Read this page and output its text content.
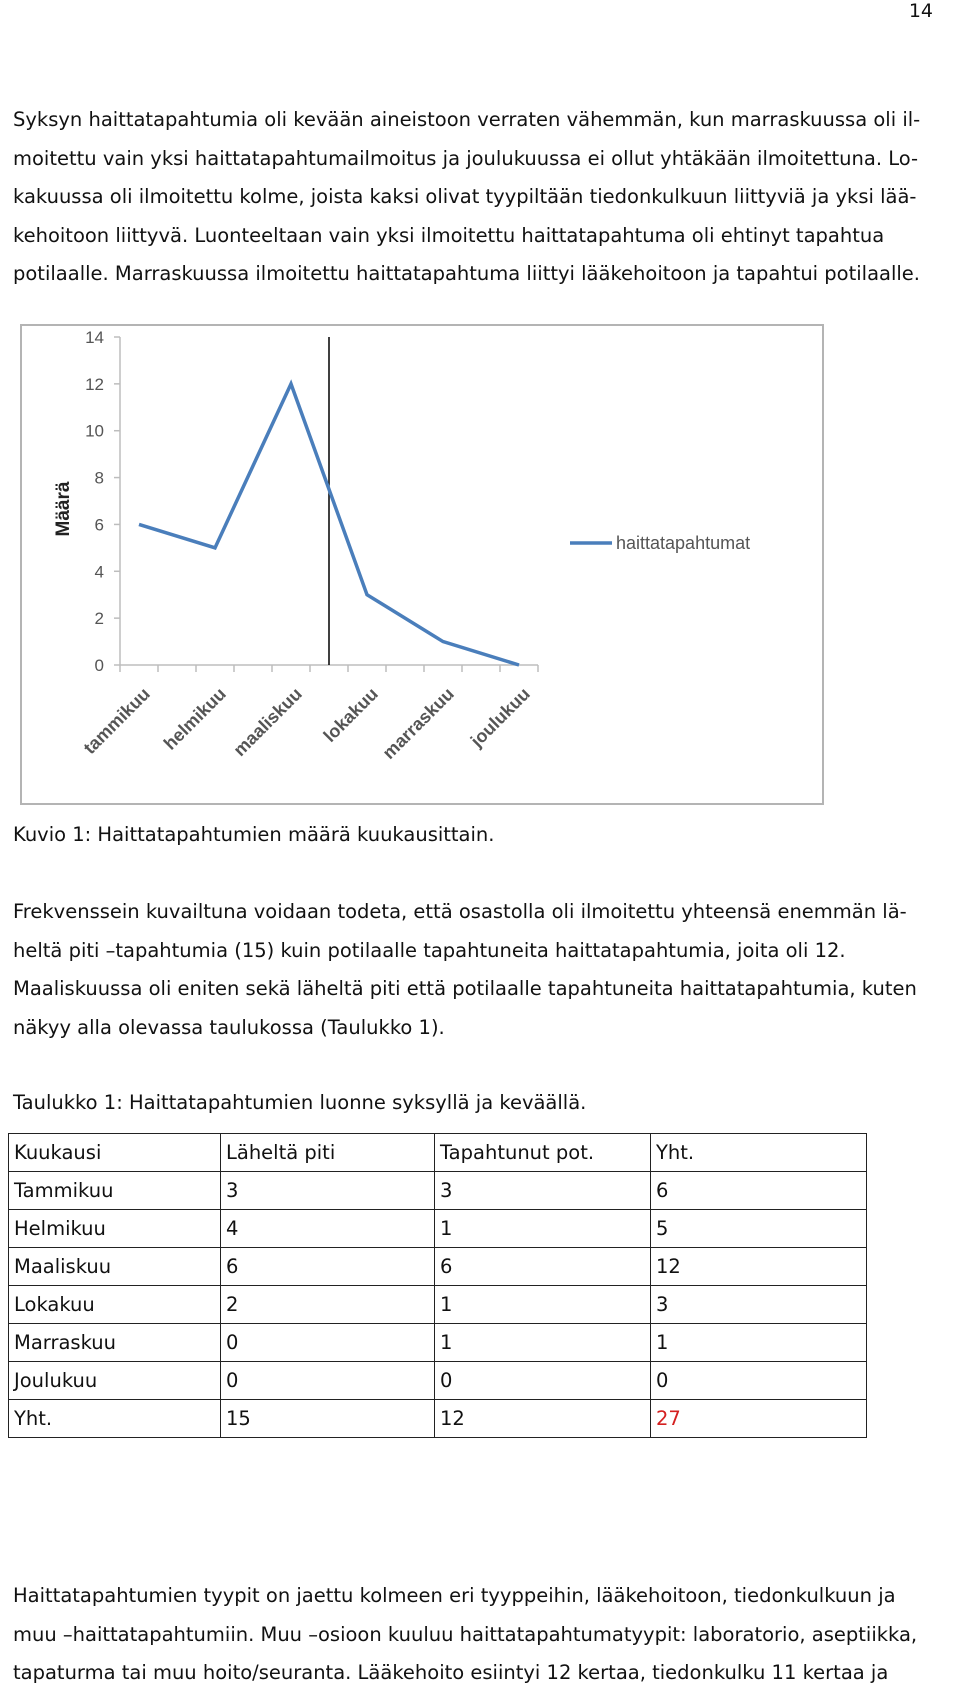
14

Syksyn haittatapahtumia oli kevään aineistoon verraten vähemmän, kun marraskuussa oli il-
moitettu vain yksi haittatapahtumailmoitus ja joulukuussa ei ollut yhtäkään ilmoitettuna. Lo-
kakuussa oli ilmoitettu kolme, joista kaksi olivat tyypiltään tiedonkulkuun liittyviä ja yksi lää-
kehoitoon liittyvä. Luonteeltaan vain yksi ilmoitettu haittatapahtuma oli ehtinyt tapahtua
potilaalle. Marraskuussa ilmoitettu haittatapahtuma liittyi lääkehoitoon ja tapahtui potilaalle.

0
2
4
6
8
10
12
14
tammikuu helmikuu maaliskuu lokakuu
marraskuu joulukuu
Määrä
haittatapahtumat
Kuvio 1: Haittatapahtumien määrä kuukausittain.

Frekvenssein kuvailtuna voidaan todeta, että osastolla oli ilmoitettu yhteensä enemmän lä-
heltä piti –tapahtumia (15) kuin potilaalle tapahtuneita haittatapahtumia, joita oli 12.
Maaliskuussa oli eniten sekä läheltä piti että potilaalle tapahtuneita haittatapahtumia, kuten
näkyy alla olevassa taulukossa (Taulukko 1).

Taulukko 1: Haittatapahtumien luonne syksyllä ja keväällä.
Kuukausi	Läheltä piti	Tapahtunut pot.	Yht.
Tammikuu	3	3	6
Helmikuu	4	1	5
Maaliskuu	6	6	12
Lokakuu	2	1	3
Marraskuu	0	1	1
Joulukuu	0	0	0
Yht.	15	12	27

Haittatapahtumien tyypit on jaettu kolmeen eri tyyppeihin, lääkehoitoon, tiedonkulkuun ja
muu –haittatapahtumiin. Muu –osioon kuuluu haittatapahtumatyypit: laboratorio, aseptiikka,
tapaturma tai muu hoito/seuranta. Lääkehoito esiintyi 12 kertaa, tiedonkulku 11 kertaa ja
